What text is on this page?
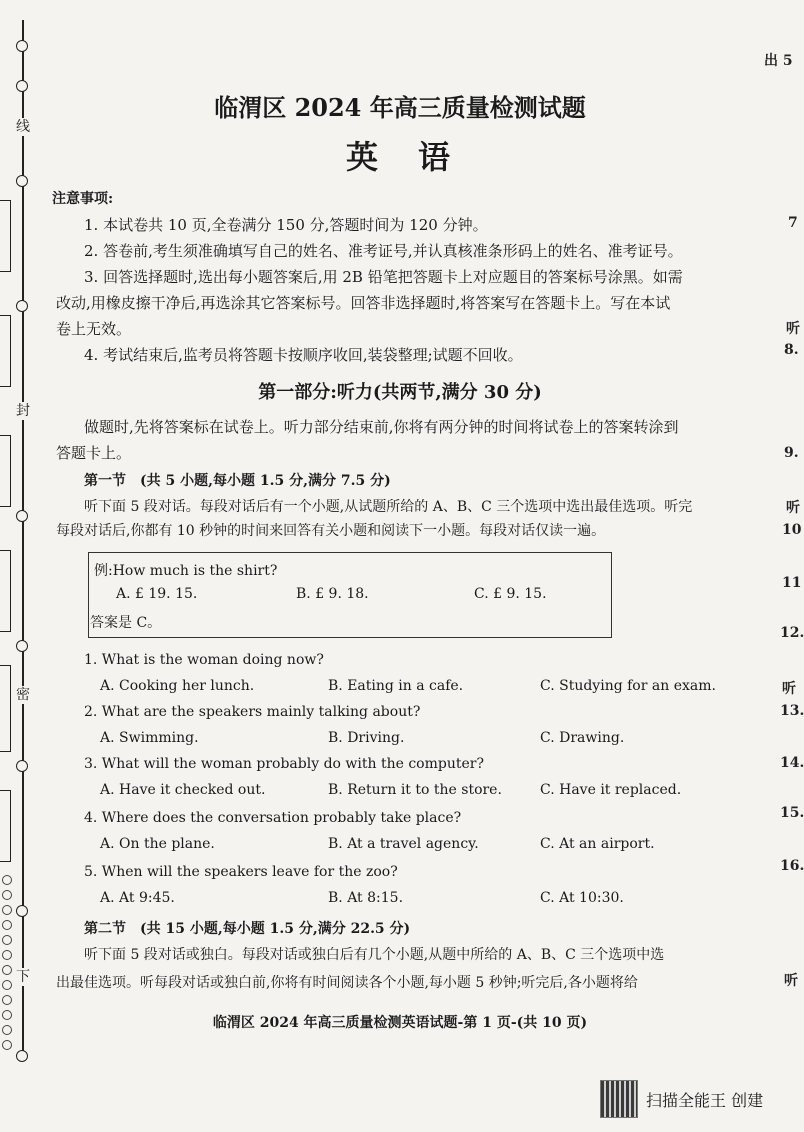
线
封
密
下
出 5
7
听
8.
9.
听
10
11
12.
听
13.
14.
15.
16.
听
临渭区 2024 年高三质量检测试题
英　语
注意事项:
1. 本试卷共 10 页,全卷满分 150 分,答题时间为 120 分钟。
2. 答卷前,考生须准确填写自己的姓名、准考证号,并认真核准条形码上的姓名、准考证号。
3. 回答选择题时,选出每小题答案后,用 2B 铅笔把答题卡上对应题目的答案标号涂黑。如需
改动,用橡皮擦干净后,再选涂其它答案标号。回答非选择题时,将答案写在答题卡上。写在本试
卷上无效。
4. 考试结束后,监考员将答题卡按顺序收回,装袋整理;试题不回收。
第一部分:听力(共两节,满分 30 分)
做题时,先将答案标在试卷上。听力部分结束前,你将有两分钟的时间将试卷上的答案转涂到
答题卡上。
第一节　(共 5 小题,每小题 1.5 分,满分 7.5 分)
听下面 5 段对话。每段对话后有一个小题,从试题所给的 A、B、C 三个选项中选出最佳选项。听完
每段对话后,你都有 10 秒钟的时间来回答有关小题和阅读下一小题。每段对话仅读一遍。
例:How much is the shirt?
A. £ 19. 15.	B. £ 9. 18.	C. £ 9. 15.
答案是 C。
1. What is the woman doing now?
A. Cooking her lunch.	B. Eating in a cafe.	C. Studying for an exam.
2. What are the speakers mainly talking about?
A. Swimming.	B. Driving.	C. Drawing.
3. What will the woman probably do with the computer?
A. Have it checked out.	B. Return it to the store.	C. Have it replaced.
4. Where does the conversation probably take place?
A. On the plane.	B. At a travel agency.	C. At an airport.
5. When will the speakers leave for the zoo?
A. At 9:45.	B. At 8:15.	C. At 10:30.
第二节　(共 15 小题,每小题 1.5 分,满分 22.5 分)
听下面 5 段对话或独白。每段对话或独白后有几个小题,从题中所给的 A、B、C 三个选项中选
出最佳选项。听每段对话或独白前,你将有时间阅读各个小题,每小题 5 秒钟;听完后,各小题将给
临渭区 2024 年高三质量检测英语试题-第 1 页-(共 10 页)
扫描全能王 创建
